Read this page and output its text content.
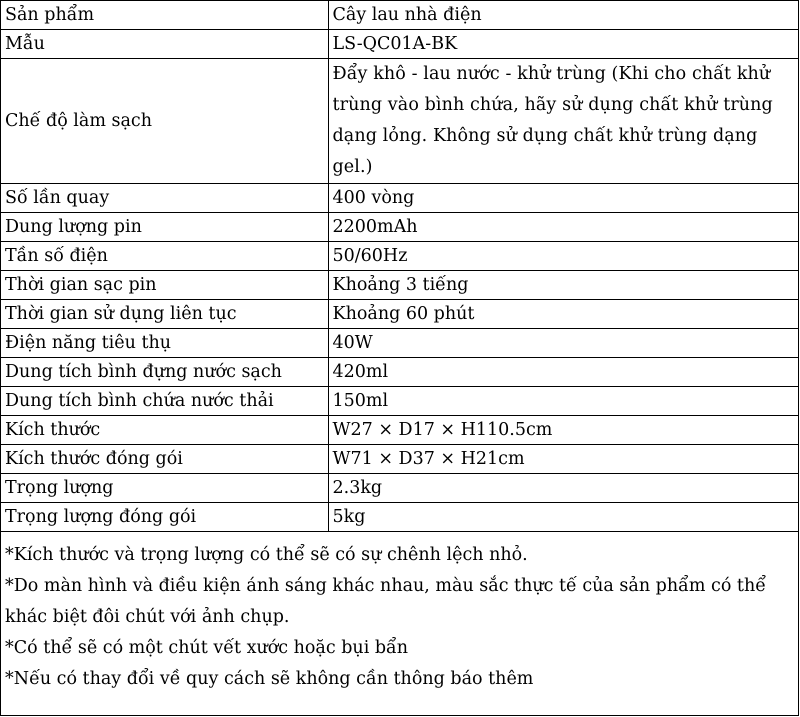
Sản phẩm	Cây lau nhà điện
Mẫu	LS-QC01A-BK
Chế độ làm sạch	Đẩy khô - lau nước - khử trùng (Khi cho chất khử trùng vào bình chứa, hãy sử dụng chất khử trùng dạng lỏng. Không sử dụng chất khử trùng dạng gel.)
Số lần quay	400 vòng
Dung lượng pin	2200mAh
Tần số điện	50/60Hz
Thời gian sạc pin	Khoảng 3 tiếng
Thời gian sử dụng liên tục	Khoảng 60 phút
Điện năng tiêu thụ	40W
Dung tích bình đựng nước sạch	420ml
Dung tích bình chứa nước thải	150ml
Kích thước	W27 × D17 × H110.5cm
Kích thước đóng gói	W71 × D37 × H21cm
Trọng lượng	2.3kg
Trọng lượng đóng gói	5kg
*Kích thước và trọng lượng có thể sẽ có sự chênh lệch nhỏ.
*Do màn hình và điều kiện ánh sáng khác nhau, màu sắc thực tế của sản phẩm có thể khác biệt đôi chút với ảnh chụp.
*Có thể sẽ có một chút vết xước hoặc bụi bẩn
*Nếu có thay đổi về quy cách sẽ không cần thông báo thêm
